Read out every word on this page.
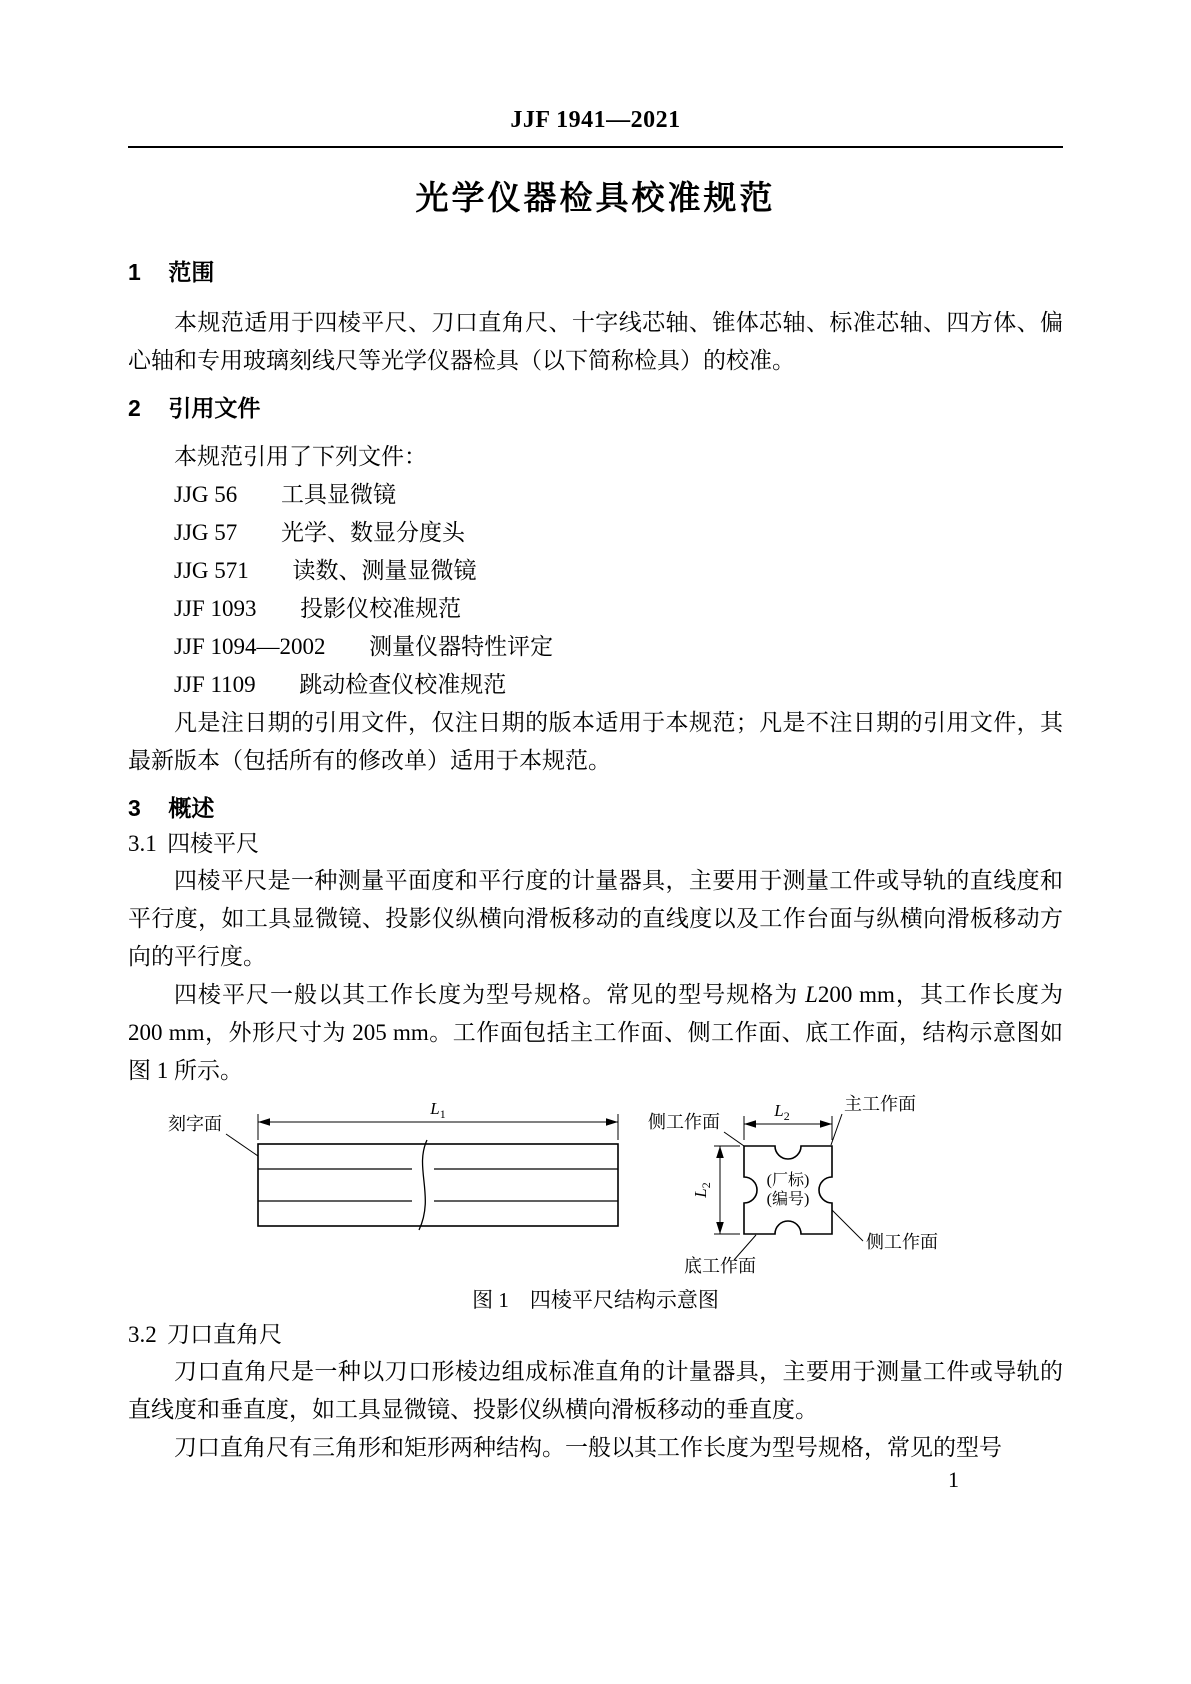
JJF 1941—2021
光学仪器检具校准规范
1 范围

本规范适用于四棱平尺、刀口直角尺、十字线芯轴、锥体芯轴、标准芯轴、四方体、偏心轴和专用玻璃刻线尺等光学仪器检具（以下简称检具）的校准。

2 引用文件

本规范引用了下列文件：

JJG 56 工具显微镜
JJG 57 光学、数显分度头
JJG 571 读数、测量显微镜
JJF 1093 投影仪校准规范
JJF 1094—2002 测量仪器特性评定
JJF 1109 跳动检查仪校准规范

凡是注日期的引用文件，仅注日期的版本适用于本规范；凡是不注日期的引用文件，其最新版本（包括所有的修改单）适用于本规范。

3 概述
3.1 四棱平尺

四棱平尺是一种测量平面度和平行度的计量器具，主要用于测量工件或导轨的直线度和平行度，如工具显微镜、投影仪纵横向滑板移动的直线度以及工作台面与纵横向滑板移动方向的平行度。

四棱平尺一般以其工作长度为型号规格。常见的型号规格为 L200 mm，其工作长度为 200 mm，外形尺寸为 205 mm。工作面包括主工作面、侧工作面、底工作面，结构示意图如图 1 所示。

刻字面
$L_1$	侧工作面
主工作面
$L_2$
$L_2$	(厂标)
(编号)
侧工作面
底工作面
图 1　四棱平尺结构示意图
3.2 刀口直角尺

刀口直角尺是一种以刀口形棱边组成标准直角的计量器具，主要用于测量工件或导轨的直线度和垂直度，如工具显微镜、投影仪纵横向滑板移动的垂直度。

刀口直角尺有三角形和矩形两种结构。一般以其工作长度为型号规格，常见的型号

1
